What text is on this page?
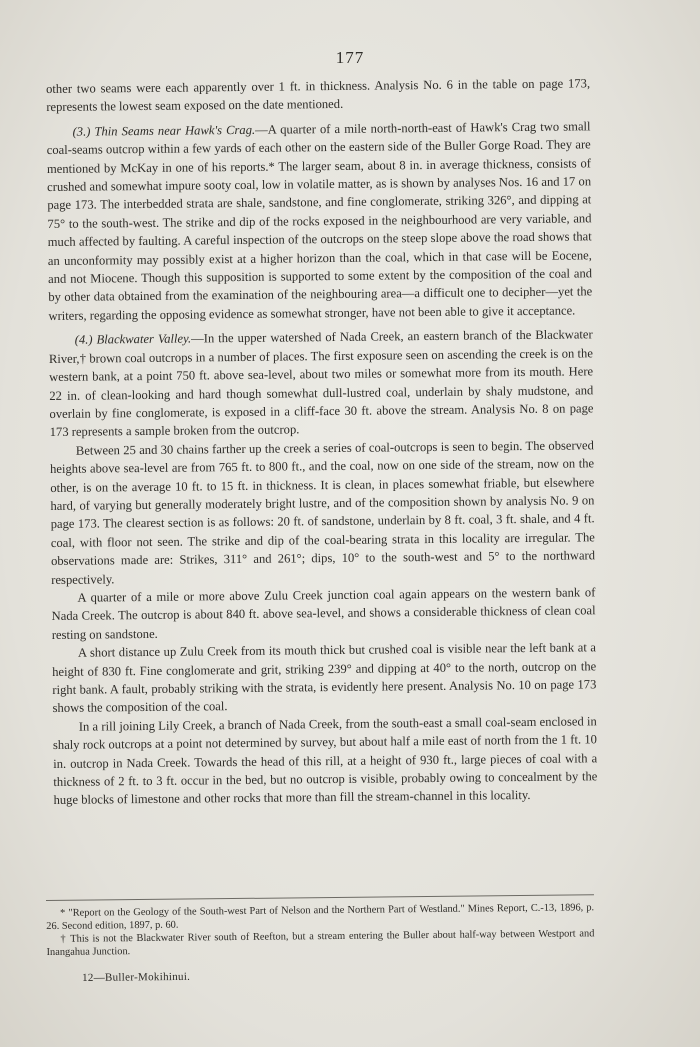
177

other two seams were each apparently over 1 ft. in thickness. Analysis No. 6 in the table on page 173, represents the lowest seam exposed on the date mentioned.

(3.) Thin Seams near Hawk's Crag.—A quarter of a mile north-north-east of Hawk's Crag two small coal-seams outcrop within a few yards of each other on the eastern side of the Buller Gorge Road. They are mentioned by McKay in one of his reports.* The larger seam, about 8 in. in average thickness, consists of crushed and somewhat impure sooty coal, low in volatile matter, as is shown by analyses Nos. 16 and 17 on page 173. The interbedded strata are shale, sandstone, and fine conglomerate, striking 326°, and dipping at 75° to the south-west. The strike and dip of the rocks exposed in the neighbourhood are very variable, and much affected by faulting. A careful inspection of the outcrops on the steep slope above the road shows that an unconformity may possibly exist at a higher horizon than the coal, which in that case will be Eocene, and not Miocene. Though this supposition is supported to some extent by the composition of the coal and by other data obtained from the examination of the neighbouring area—a difficult one to decipher—yet the writers, regarding the opposing evidence as somewhat stronger, have not been able to give it acceptance.

(4.) Blackwater Valley.—In the upper watershed of Nada Creek, an eastern branch of the Blackwater River,† brown coal outcrops in a number of places. The first exposure seen on ascending the creek is on the western bank, at a point 750 ft. above sea-level, about two miles or somewhat more from its mouth. Here 22 in. of clean-looking and hard though somewhat dull-lustred coal, underlain by shaly mudstone, and overlain by fine conglomerate, is exposed in a cliff-face 30 ft. above the stream. Analysis No. 8 on page 173 represents a sample broken from the outcrop.

Between 25 and 30 chains farther up the creek a series of coal-outcrops is seen to begin. The observed heights above sea-level are from 765 ft. to 800 ft., and the coal, now on one side of the stream, now on the other, is on the average 10 ft. to 15 ft. in thickness. It is clean, in places somewhat friable, but elsewhere hard, of varying but generally moderately bright lustre, and of the composition shown by analysis No. 9 on page 173. The clearest section is as follows: 20 ft. of sandstone, underlain by 8 ft. coal, 3 ft. shale, and 4 ft. coal, with floor not seen. The strike and dip of the coal-bearing strata in this locality are irregular. The observations made are: Strikes, 311° and 261°; dips, 10° to the south-west and 5° to the northward respectively.

A quarter of a mile or more above Zulu Creek junction coal again appears on the western bank of Nada Creek. The outcrop is about 840 ft. above sea-level, and shows a considerable thickness of clean coal resting on sandstone.

A short distance up Zulu Creek from its mouth thick but crushed coal is visible near the left bank at a height of 830 ft. Fine conglomerate and grit, striking 239° and dipping at 40° to the north, outcrop on the right bank. A fault, probably striking with the strata, is evidently here present. Analysis No. 10 on page 173 shows the composition of the coal.

In a rill joining Lily Creek, a branch of Nada Creek, from the south-east a small coal-seam enclosed in shaly rock outcrops at a point not determined by survey, but about half a mile east of north from the 1 ft. 10 in. outcrop in Nada Creek. Towards the head of this rill, at a height of 930 ft., large pieces of coal with a thickness of 2 ft. to 3 ft. occur in the bed, but no outcrop is visible, probably owing to concealment by the huge blocks of limestone and other rocks that more than fill the stream-channel in this locality.

* "Report on the Geology of the South-west Part of Nelson and the Northern Part of Westland." Mines Report, C.-13, 1896, p. 26. Second edition, 1897, p. 60.

† This is not the Blackwater River south of Reefton, but a stream entering the Buller about half-way between Westport and Inangahua Junction.

12—Buller-Mokihinui.
